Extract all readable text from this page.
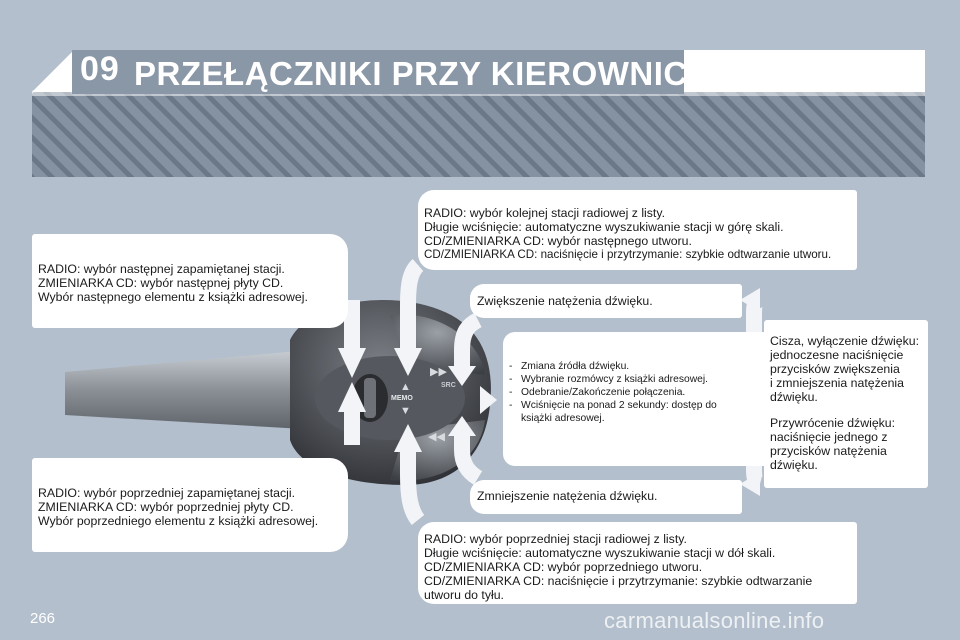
09 PRZEŁĄCZNIKI PRZY KIEROWNICY
▶▶
◀◀
▲
▼
MEMO
SRC

RADIO: wybór następnej zapamiętanej stacji.

ZMIENIARKA CD: wybór następnej płyty CD.

Wybór następnego elementu z książki adresowej.

RADIO: wybór poprzedniej zapamiętanej stacji.

ZMIENIARKA CD: wybór poprzedniej płyty CD.

Wybór poprzedniego elementu z książki adresowej.

RADIO: wybór kolejnej stacji radiowej z listy.

Długie wciśnięcie: automatyczne wyszukiwanie stacji w górę skali.

CD/ZMIENIARKA CD: wybór następnego utworu.

CD/ZMIENIARKA CD: naciśnięcie i przytrzymanie: szybkie odtwarzanie utworu.

RADIO: wybór poprzedniej stacji radiowej z listy.

Długie wciśnięcie: automatyczne wyszukiwanie stacji w dół skali.

CD/ZMIENIARKA CD: wybór poprzedniego utworu.

CD/ZMIENIARKA CD: naciśnięcie i przytrzymanie: szybkie odtwarzanie

utworu do tyłu.

Zwiększenie natężenia dźwięku.

Zmniejszenie natężenia dźwięku.

- Zmiana źródła dźwięku.
- Wybranie rozmówcy z książki adresowej.
- Odebranie/Zakończenie połączenia.
- Wciśnięcie na ponad 2 sekundy: dostęp do
książki adresowej.

Cisza, wyłączenie dźwięku:

jednoczesne naciśnięcie

przycisków zwiększenia

i zmniejszenia natężenia

dźwięku.

Przywrócenie dźwięku:

naciśnięcie jednego z

przycisków natężenia

dźwięku.

266	carmanualsonline.info
